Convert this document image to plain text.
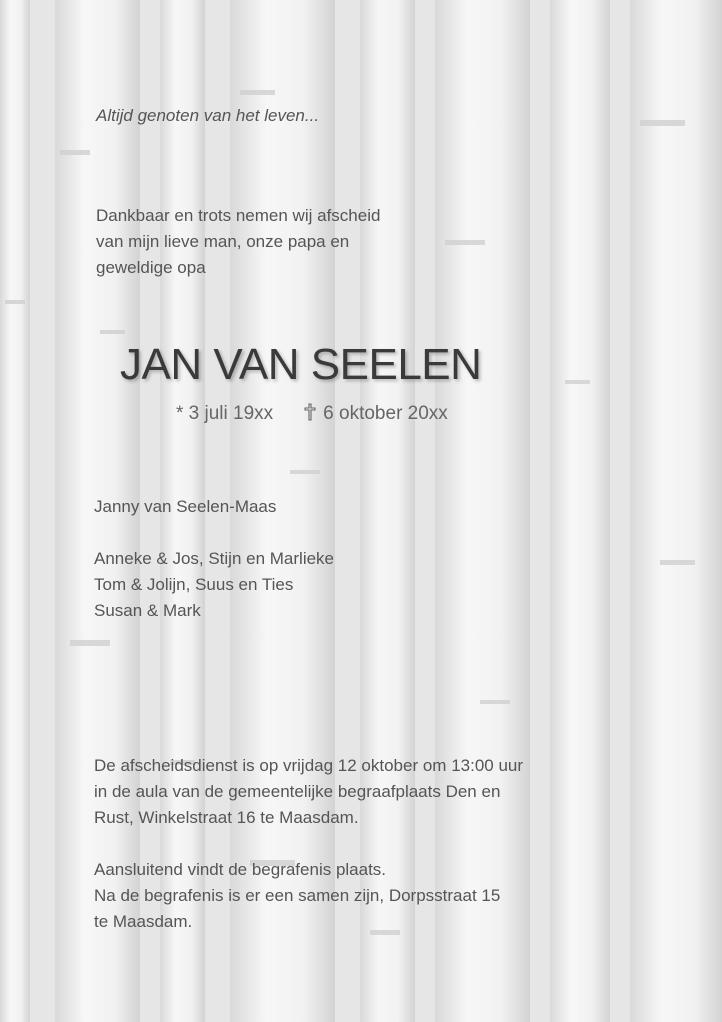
Altijd genoten van het leven...
Dankbaar en trots nemen wij afscheid
van mijn lieve man, onze papa en
geweldige opa
JAN VAN SEELEN
* 3 juli 19xx	6 oktober 20xx
Janny van Seelen-Maas
Anneke & Jos, Stijn en Marlieke
Tom & Jolijn, Suus en Ties
Susan & Mark
De afscheidsdienst is op vrijdag 12 oktober om 13:00 uur
in de aula van de gemeentelijke begraafplaats Den en
Rust, Winkelstraat 16 te Maasdam.
Aansluitend vindt de begrafenis plaats.
Na de begrafenis is er een samen zijn, Dorpsstraat 15
te Maasdam.
